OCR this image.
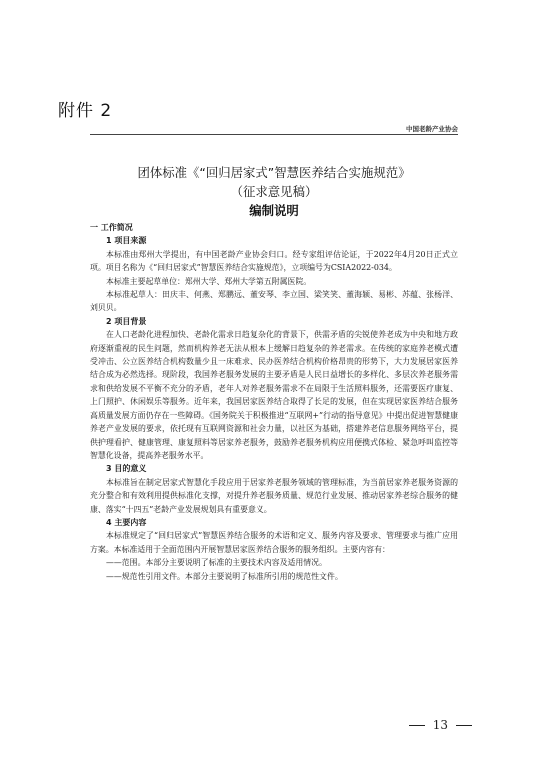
附件 2
中国老龄产业协会
团体标准《“回归居家式”智慧医养结合实施规范》
（征求意见稿）
编制说明
一 工作简况
1 项目来源

本标准由郑州大学提出，有中国老龄产业协会归口。经专家组评估论证，于2022年4月20日正式立项。项目名称为《“回归居家式”智慧医养结合实施规范》，立项编号为CSIA2022-034。

本标准主要起草单位：郑州大学、郑州大学第五附属医院。

本标准起草人：田庆丰、何燕、郑鹏远、董安琴、李立国、梁笑笑、董海颖、易彬、苏蕴、张杨洋、刘贝贝。

2 项目背景

在人口老龄化进程加快、老龄化需求日趋复杂化的背景下，供需矛盾的尖锐使养老成为中央和地方政府逐渐重视的民生问题，然而机构养老无法从根本上缓解日趋复杂的养老需求。在传统的家庭养老模式遭受冲击、公立医养结合机构数量少且一床难求、民办医养结合机构价格昂贵的形势下，大力发展居家医养结合成为必然选择。现阶段，我国养老服务发展的主要矛盾是人民日益增长的多样化、多层次养老服务需求和供给发展不平衡不充分的矛盾，老年人对养老服务需求不在局限于生活照料服务，还需要医疗康复、上门照护、休闲娱乐等服务。近年来，我国居家医养结合取得了长足的发展，但在实现居家医养结合服务高质量发展方面仍存在一些障碍。《国务院关于积极推进“互联网+”行动的指导意见》中提出促进智慧健康养老产业发展的要求，依托现有互联网资源和社会力量，以社区为基础，搭建养老信息服务网络平台，提供护理看护、健康管理、康复照料等居家养老服务，鼓励养老服务机构应用便携式体检、紧急呼叫监控等智慧化设备，提高养老服务水平。

3 目的意义

本标准旨在制定居家式智慧化手段应用于居家养老服务领域的管理标准，为当前居家养老服务资源的充分整合和有效利用提供标准化支撑，对提升养老服务质量、规范行业发展、推动居家养老综合服务的健康、落实“十四五”老龄产业发展规划具有重要意义。

4 主要内容

本标准规定了“回归居家式”智慧医养结合服务的术语和定义、服务内容及要求、管理要求与推广应用方案。本标准适用于全面范围内开展智慧居家医养结合服务的服务组织。主要内容有：

——范围。本部分主要说明了标准的主要技术内容及适用情况。

——规范性引用文件。本部分主要说明了标准所引用的规范性文件。

13
